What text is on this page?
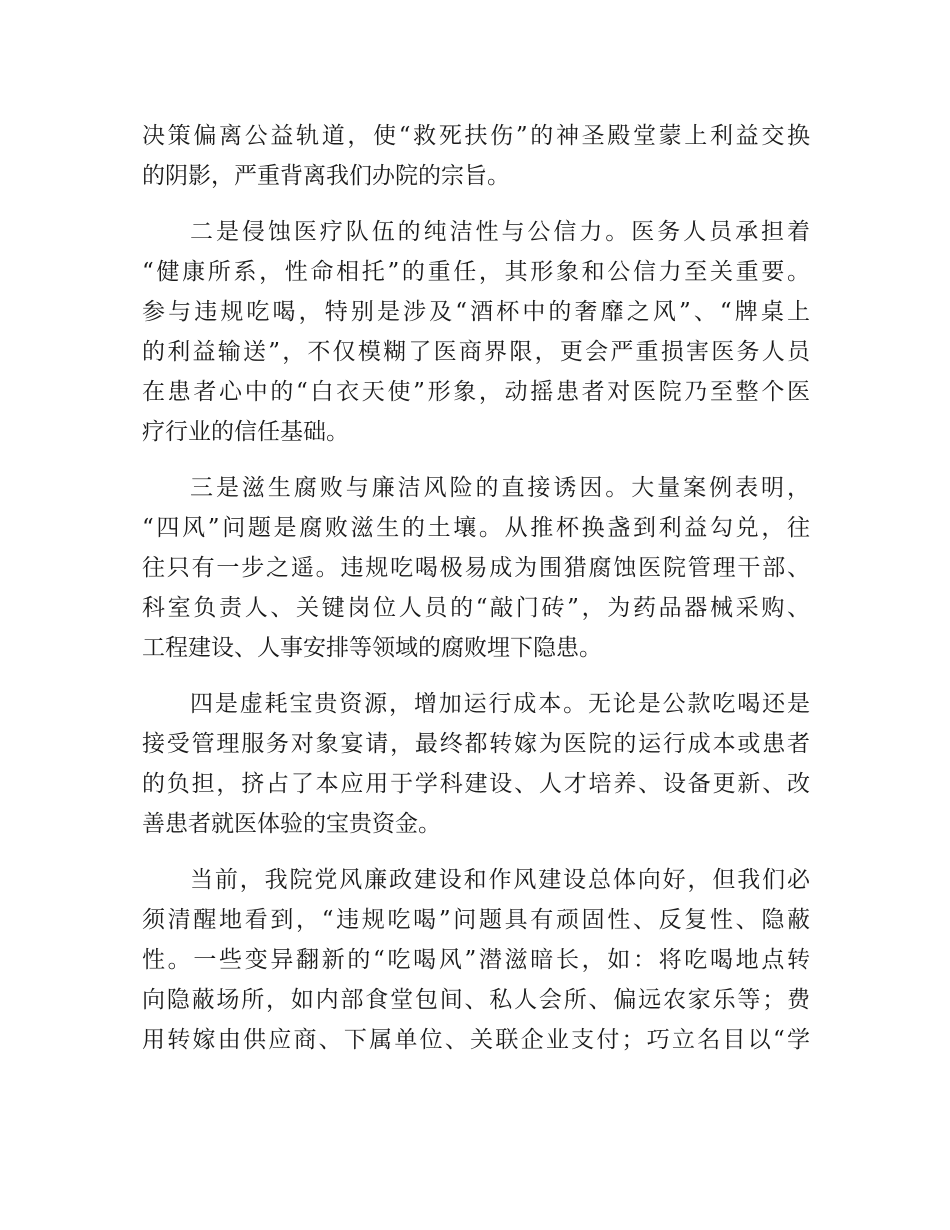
决策偏离公益轨道，使“救死扶伤”的神圣殿堂蒙上利益交换
的阴影，严重背离我们办院的宗旨。
二是侵蚀医疗队伍的纯洁性与公信力。医务人员承担着
“健康所系，性命相托”的重任，其形象和公信力至关重要。
参与违规吃喝，特别是涉及“酒杯中的奢靡之风”、“牌桌上
的利益输送”，不仅模糊了医商界限，更会严重损害医务人员
在患者心中的“白衣天使”形象，动摇患者对医院乃至整个医
疗行业的信任基础。
三是滋生腐败与廉洁风险的直接诱因。大量案例表明，
“四风”问题是腐败滋生的土壤。从推杯换盏到利益勾兑，往
往只有一步之遥。违规吃喝极易成为围猎腐蚀医院管理干部、
科室负责人、关键岗位人员的“敲门砖”，为药品器械采购、
工程建设、人事安排等领域的腐败埋下隐患。
四是虚耗宝贵资源，增加运行成本。无论是公款吃喝还是
接受管理服务对象宴请，最终都转嫁为医院的运行成本或患者
的负担，挤占了本应用于学科建设、人才培养、设备更新、改
善患者就医体验的宝贵资金。
当前，我院党风廉政建设和作风建设总体向好，但我们必
须清醒地看到，“违规吃喝”问题具有顽固性、反复性、隐蔽
性。一些变异翻新的“吃喝风”潜滋暗长，如：将吃喝地点转
向隐蔽场所，如内部食堂包间、私人会所、偏远农家乐等；费
用转嫁由供应商、下属单位、关联企业支付；巧立名目以“学
